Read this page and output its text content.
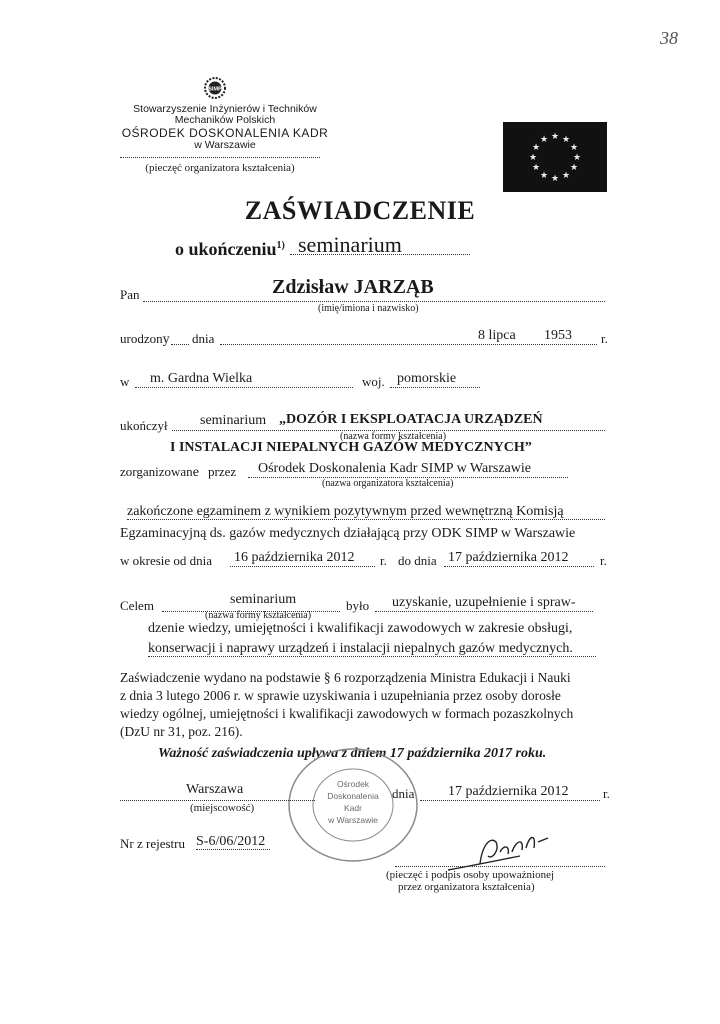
38
SIMP
Stowarzyszenie Inżynierów i Techników
Mechaników Polskich
OŚRODEK DOSKONALENIA KADR
w Warszawie
(pieczęć organizatora kształcenia)
★ ★
★
★
★
★
★
★
★
★
★
★
ZAŚWIADCZENIE
o ukończeniu$^{1)}$ seminarium
Pan	Zdzisław JARZĄB
(imię/imiona i nazwisko)
urodzony dnia	8 lipca 1953 r.
w m. Gardna Wielka	woj. pomorskie
ukończył seminarium „DOZÓR I EKSPLOATACJA URZĄDZEŃ
(nazwa formy kształcenia)
I INSTALACJI NIEPALNYCH GAZÓW MEDYCZNYCH”
zorganizowane przez Ośrodek Doskonalenia Kadr SIMP w Warszawie
(nazwa organizatora kształcenia)
zakończone egzaminem z wynikiem pozytywnym przed wewnętrzną Komisją
Egzaminacyjną ds. gazów medycznych działającą przy ODK SIMP w Warszawie
w okresie od dnia 16 października 2012 r. do dnia 17 października 2012 r.
Celem	seminarium
(nazwa formy kształcenia)
było uzyskanie, uzupełnienie i spraw-
dzenie wiedzy, umiejętności i kwalifikacji zawodowych w zakresie obsługi,
konserwacji i naprawy urządzeń i instalacji niepalnych gazów medycznych.
Zaświadczenie wydano na podstawie § 6 rozporządzenia Ministra Edukacji i Nauki
z dnia 3 lutego 2006 r. w sprawie uzyskiwania i uzupełniania przez osoby dorosłe
wiedzy ogólnej, umiejętności i kwalifikacji zawodowych w formach pozaszkolnych
(DzU nr 31, poz. 216).
Ważność zaświadczenia upływa z dniem 17 października 2017 roku.
Ośrodek
Doskonalenia
Kadr
w Warszawie
Warszawa
(miejscowość)
dnia 17 października 2012	r.
Nr z rejestru S-6/06/2012
(pieczęć i podpis osoby upoważnionej
przez organizatora kształcenia)
